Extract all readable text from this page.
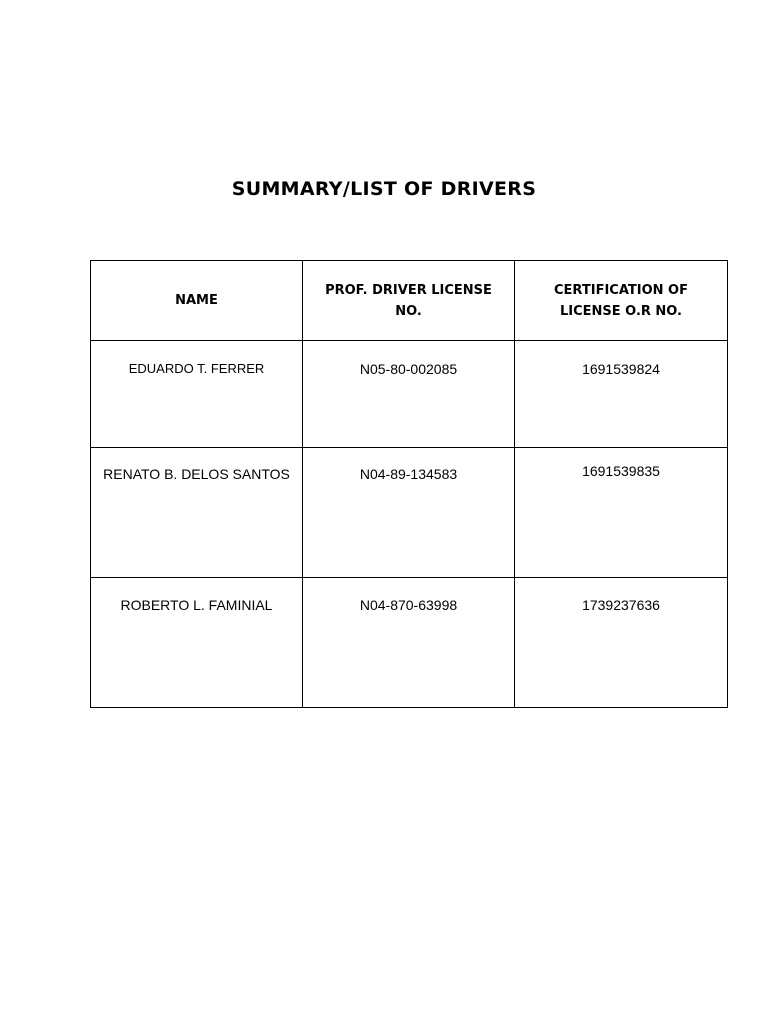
SUMMARY/LIST OF DRIVERS
NAME	PROF. DRIVER LICENSE NO.	CERTIFICATION OF LICENSE O.R NO.

EDUARDO T. FERRER	N05-80-002085	1691539824

RENATO B. DELOS SANTOS	N04-89-134583	1691539835

ROBERTO L. FAMINIAL	N04-870-63998	1739237636
